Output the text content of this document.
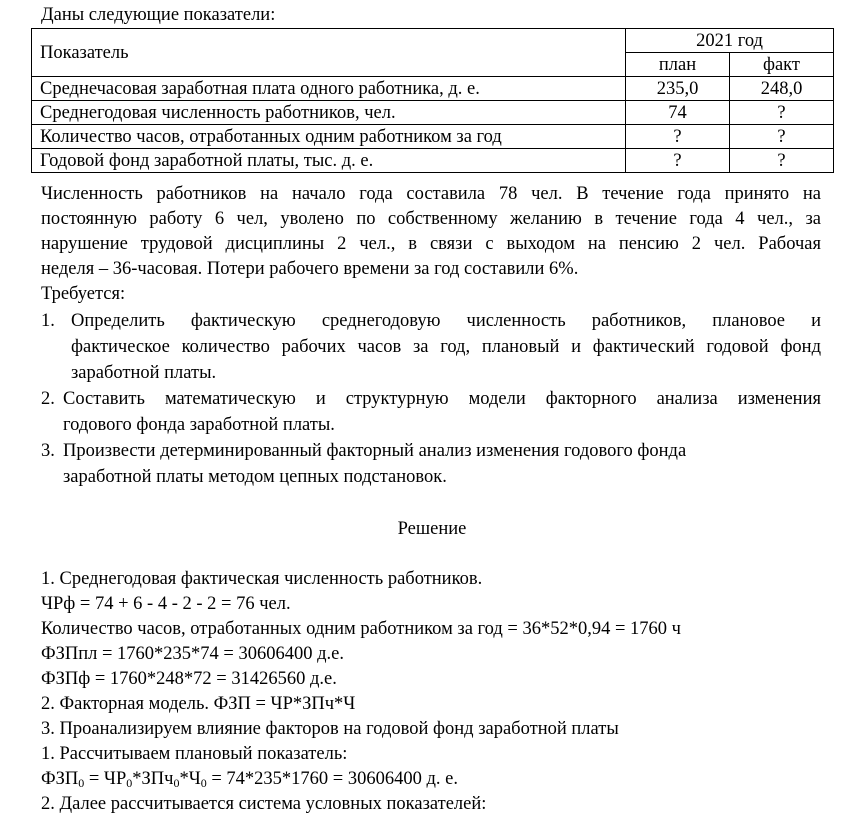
Даны следующие показатели:
Показатель	2021 год	
	план	факт
Среднечасовая заработная плата одного работника, д. е.	235,0	248,0
Среднегодовая численность работников, чел.	74	?
Количество часов, отработанных одним работником за год	?	?
Годовой фонд заработной платы, тыс. д. е.	?	?
Численность работников на начало года составила 78 чел. В течение года принято на
постоянную работу 6 чел, уволено по собственному желанию в течение года 4 чел., за
нарушение трудовой дисциплины 2 чел., в связи с выходом на пенсию 2 чел. Рабочая
неделя – 36-часовая. Потери рабочего времени за год составили 6%.
Требуется:
1. Определить фактическую среднегодовую численность работников, плановое и
фактическое количество рабочих часов за год, плановый и фактический годовой фонд
заработной платы.
2. Составить математическую и структурную модели факторного анализа изменения
годового фонда заработной платы.
3. Произвести детерминированный факторный анализ изменения годового фонда
заработной платы методом цепных подстановок.
Решение
1. Среднегодовая фактическая численность работников.
ЧРф = 74 + 6 - 4 - 2 - 2 = 76 чел.
Количество часов, отработанных одним работником за год = 36*52*0,94 = 1760 ч
ФЗПпл = 1760*235*74 = 30606400 д.е.
ФЗПф = 1760*248*72 = 31426560 д.е.
2. Факторная модель. ФЗП = ЧР*ЗПч*Ч
3. Проанализируем влияние факторов на годовой фонд заработной платы
1. Рассчитываем плановый показатель:
$ФЗП_0 = ЧР_0*ЗПч_0*Ч_0 = 74*235*1760 = 30606400$ д. е.
2. Далее рассчитывается система условных показателей:
